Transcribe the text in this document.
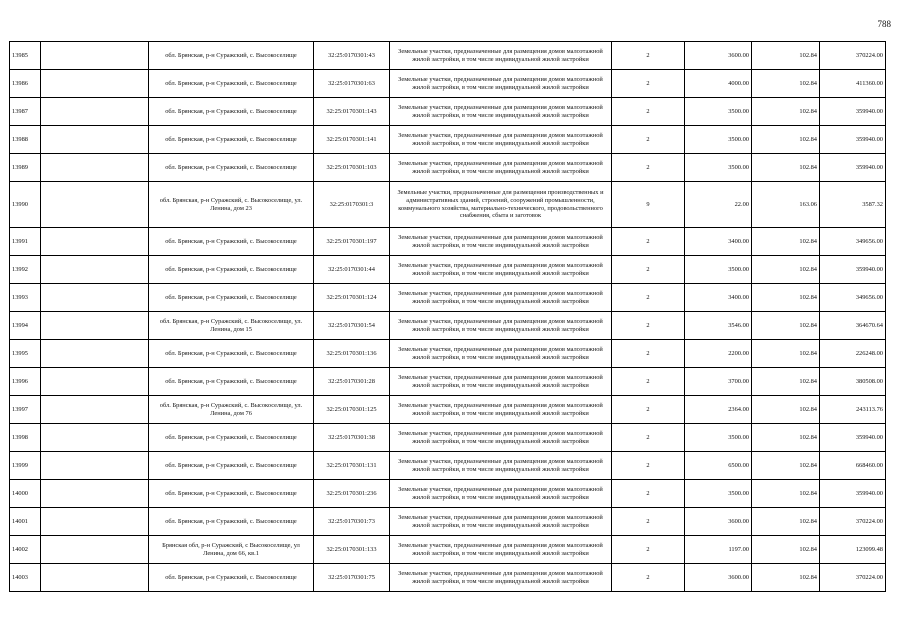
788
13985		обл. Брянская, р-н Суражский, с. Высокоселище	32:25:0170301:43	Земельные участки, предназначенные для размещения домов малоэтажной жилой застройки, в том числе индивидуальной жилой застройки	2	3600.00	102.84	370224.00
13986		обл. Брянская, р-н Суражский, с. Высокоселище	32:25:0170301:63	Земельные участки, предназначенные для размещения домов малоэтажной жилой застройки, в том числе индивидуальной жилой застройки	2	4000.00	102.84	411360.00
13987		обл. Брянская, р-н Суражский, с. Высокоселище	32:25:0170301:143	Земельные участки, предназначенные для размещения домов малоэтажной жилой застройки, в том числе индивидуальной жилой застройки	2	3500.00	102.84	359940.00
13988		обл. Брянская, р-н Суражский, с. Высокоселище	32:25:0170301:141	Земельные участки, предназначенные для размещения домов малоэтажной жилой застройки, в том числе индивидуальной жилой застройки	2	3500.00	102.84	359940.00
13989		обл. Брянская, р-н Суражский, с. Высокоселище	32:25:0170301:103	Земельные участки, предназначенные для размещения домов малоэтажной жилой застройки, в том числе индивидуальной жилой застройки	2	3500.00	102.84	359940.00
13990		обл. Брянская, р-н Суражский, с. Высокоселище, ул. Ленина, дом 23	32:25:0170301:3	Земельные участки, предназначенные для размещения производственных и административных зданий, строений, сооружений промышленности, коммунального хозяйства, материально-технического, продовольственного снабжения, сбыта и заготовок	9	22.00	163.06	3587.32
13991		обл. Брянская, р-н Суражский, с. Высокоселище	32:25:0170301:197	Земельные участки, предназначенные для размещения домов малоэтажной жилой застройки, в том числе индивидуальной жилой застройки	2	3400.00	102.84	349656.00
13992		обл. Брянская, р-н Суражский, с. Высокоселище	32:25:0170301:44	Земельные участки, предназначенные для размещения домов малоэтажной жилой застройки, в том числе индивидуальной жилой застройки	2	3500.00	102.84	359940.00
13993		обл. Брянская, р-н Суражский, с. Высокоселище	32:25:0170301:124	Земельные участки, предназначенные для размещения домов малоэтажной жилой застройки, в том числе индивидуальной жилой застройки	2	3400.00	102.84	349656.00
13994		обл. Брянская, р-н Суражский, с. Высокоселище, ул. Ленина, дом 15	32:25:0170301:54	Земельные участки, предназначенные для размещения домов малоэтажной жилой застройки, в том числе индивидуальной жилой застройки	2	3546.00	102.84	364670.64
13995		обл. Брянская, р-н Суражский, с. Высокоселище	32:25:0170301:136	Земельные участки, предназначенные для размещения домов малоэтажной жилой застройки, в том числе индивидуальной жилой застройки	2	2200.00	102.84	226248.00
13996		обл. Брянская, р-н Суражский, с. Высокоселище	32:25:0170301:28	Земельные участки, предназначенные для размещения домов малоэтажной жилой застройки, в том числе индивидуальной жилой застройки	2	3700.00	102.84	380508.00
13997		обл. Брянская, р-н Суражский, с. Высокоселище, ул. Ленина, дом 76	32:25:0170301:125	Земельные участки, предназначенные для размещения домов малоэтажной жилой застройки, в том числе индивидуальной жилой застройки	2	2364.00	102.84	243113.76
13998		обл. Брянская, р-н Суражский, с. Высокоселище	32:25:0170301:38	Земельные участки, предназначенные для размещения домов малоэтажной жилой застройки, в том числе индивидуальной жилой застройки	2	3500.00	102.84	359940.00
13999		обл. Брянская, р-н Суражский, с. Высокоселище	32:25:0170301:131	Земельные участки, предназначенные для размещения домов малоэтажной жилой застройки, в том числе индивидуальной жилой застройки	2	6500.00	102.84	668460.00
14000		обл. Брянская, р-н Суражский, с. Высокоселище	32:25:0170301:236	Земельные участки, предназначенные для размещения домов малоэтажной жилой застройки, в том числе индивидуальной жилой застройки	2	3500.00	102.84	359940.00
14001		обл. Брянская, р-н Суражский, с. Высокоселище	32:25:0170301:73	Земельные участки, предназначенные для размещения домов малоэтажной жилой застройки, в том числе индивидуальной жилой застройки	2	3600.00	102.84	370224.00
14002		Брянская обл, р-н Суражский, с Высокоселище, ул Ленина, дом 66, кв.1	32:25:0170301:133	Земельные участки, предназначенные для размещения домов малоэтажной жилой застройки, в том числе индивидуальной жилой застройки	2	1197.00	102.84	123099.48
14003		обл. Брянская, р-н Суражский, с. Высокоселище	32:25:0170301:75	Земельные участки, предназначенные для размещения домов малоэтажной жилой застройки, в том числе индивидуальной жилой застройки	2	3600.00	102.84	370224.00
